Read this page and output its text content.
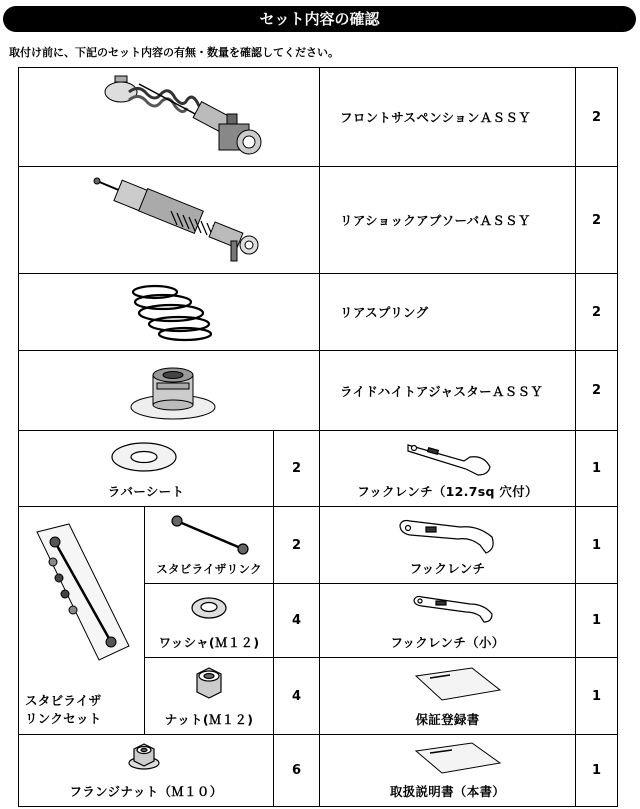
セット内容の確認
取付け前に、下記のセット内容の有無・数量を確認してください。
	フロントサスペンションＡＳＳＹ	2

	リアショックアブソーバＡＳＳＹ	2

	リアスプリング	2

	ライドハイトアジャスターＡＳＳＹ	2

ラバーシート		2	フックレンチ（12.7sq 穴付）	1

スタビライザ
リンクセット	スタビライザリンク	2	フックレンチ	1

	ワッシャ(Ｍ１２)	4	フックレンチ（小）	1

	ナット(Ｍ１２)	4	保証登録書	1

フランジナット（Ｍ１０）		6	取扱説明書（本書）	1
